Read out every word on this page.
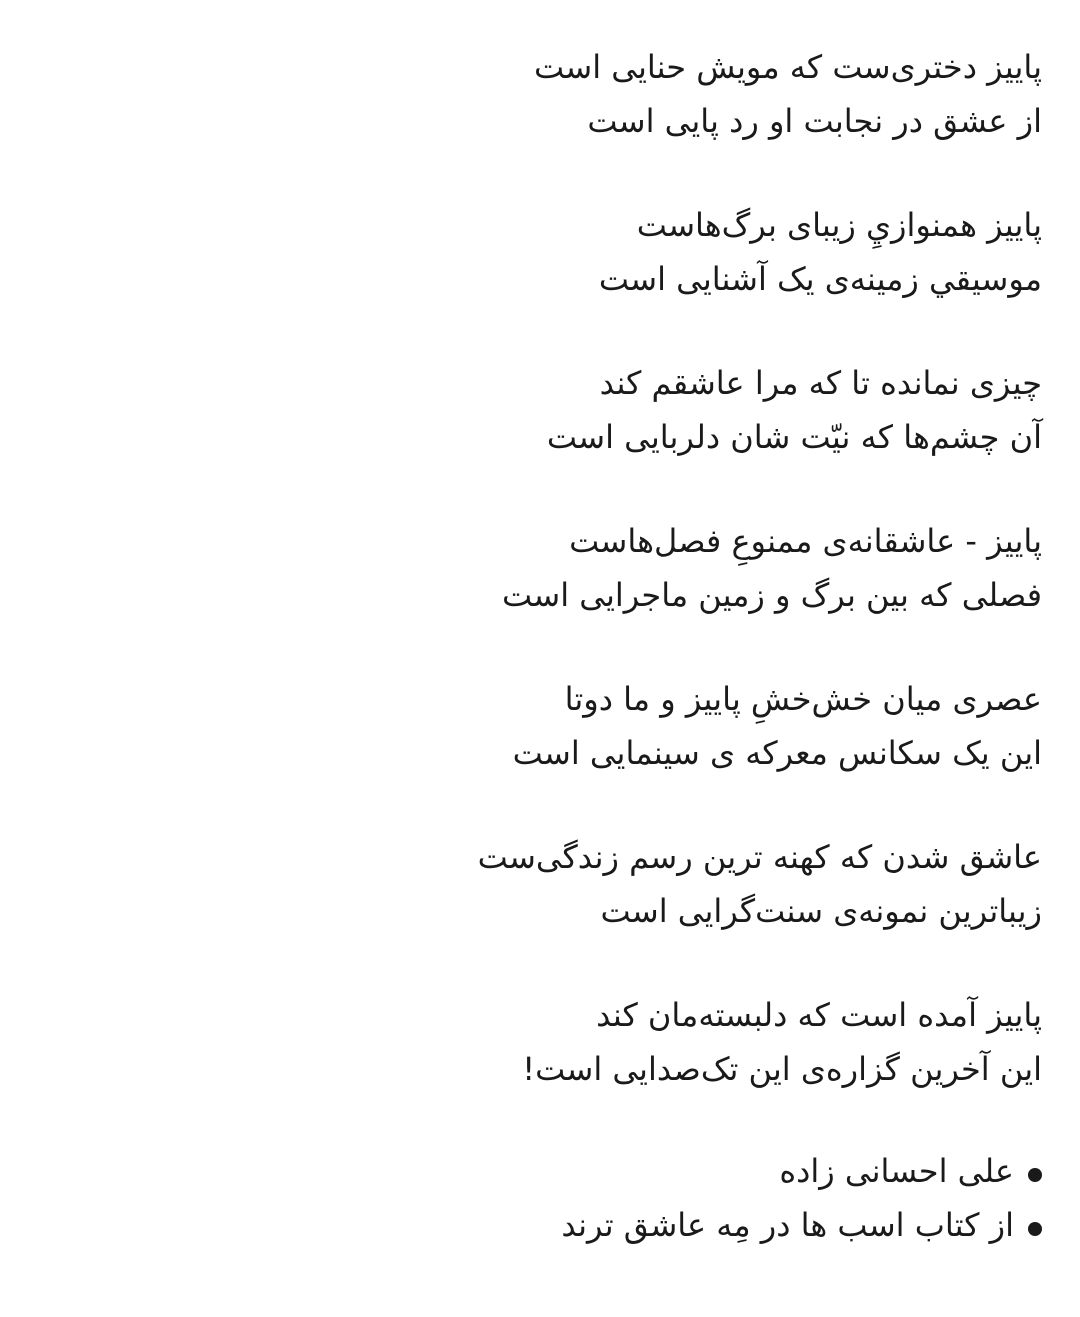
پاییز دختری‌ست که مویش حنایی است
از عشق در نجابت او رد پایی است
پاییز همنوازيِ زیبای برگ‌هاست
موسيقي زمینه‌ی یک آشنایی است
چیزی نمانده تا که مرا عاشقم کند
آن چشم‌ها که نیّت شان دلربایی است
پاییز - عاشقانه‌ی ممنوعِ فصل‌هاست
فصلی که بین برگ و زمین ماجرایی است
عصری میان خش‌خشِ پاییز و ما دوتا
این یک سکانس معرکه ی سینمایی است
عاشق شدن که کهنه ترین رسم زندگی‌ست
زیباترین نمونه‌ی سنت‌گرایی است
پاییز آمده است که دلبسته‌مان کند
این آخرین گزاره‌ی این تک‌صدایی است!
علی احسانی زاده
از کتاب اسب ها در مِه عاشق ترند
